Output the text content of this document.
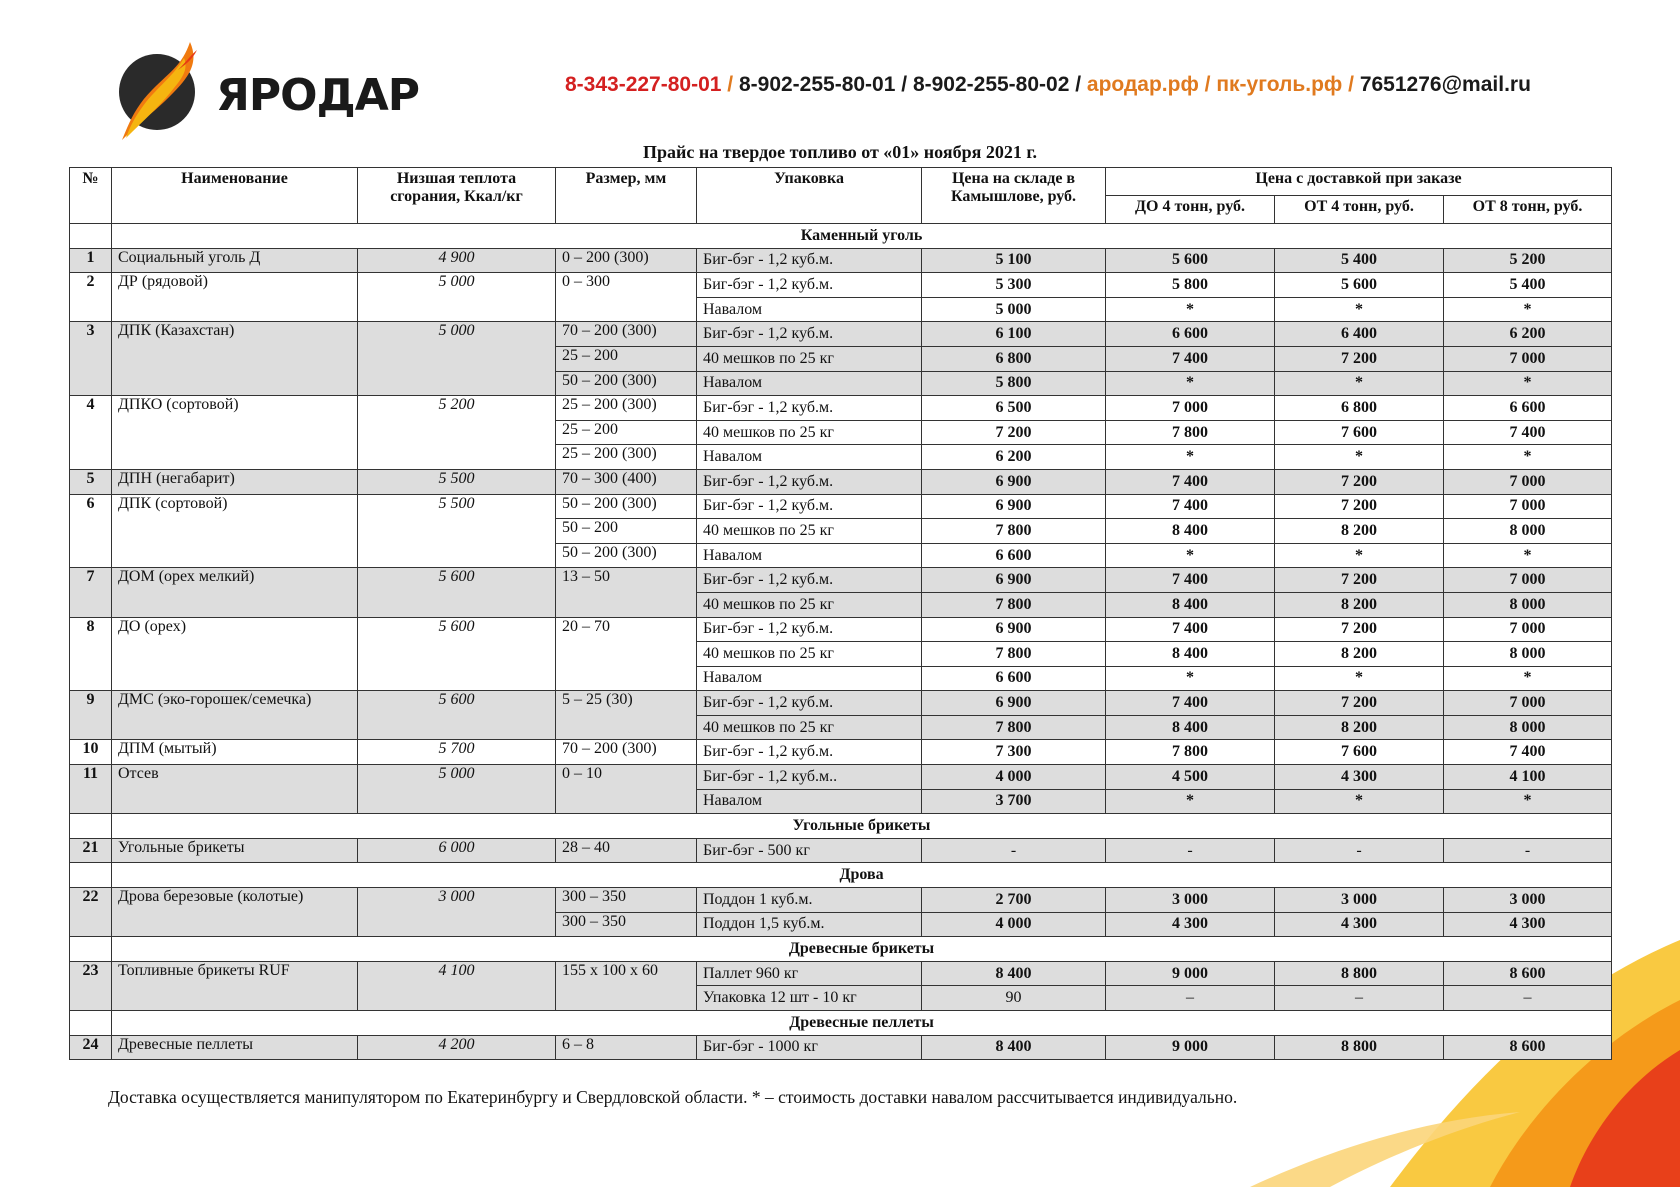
ЯРОДАР	8-343-227-80-01 / 8-902-255-80-01 / 8-902-255-80-02 / ародар.рф / пк-уголь.рф / 7651276@mail.ru
Прайс на твердое топливо от «01» ноября 2021 г.
№	Наименование	Низшая теплота сгорания, Ккал/кг	Размер, мм	Упаковка	Цена на складе в Камышлове, руб.	Цена с доставкой при заказе		
						ДО 4 тонн, руб.	ОТ 4 тонн, руб.	ОТ 8 тонн, руб.
	Каменный уголь							
1	Социальный уголь Д	4 900	0 – 200 (300)	Биг-бэг - 1,2 куб.м.	5 100	5 600	5 400	5 200
2	ДР (рядовой)	5 000	0 – 300	Биг-бэг - 1,2 куб.м.	5 300	5 800	5 600	5 400
				Навалом	5 000	*	*	*
3	ДПК (Казахстан)	5 000	70 – 200 (300)	Биг-бэг - 1,2 куб.м.	6 100	6 600	6 400	6 200
			25 – 200	40 мешков по 25 кг	6 800	7 400	7 200	7 000
			50 – 200 (300)	Навалом	5 800	*	*	*
4	ДПКО (сортовой)	5 200	25 – 200 (300)	Биг-бэг - 1,2 куб.м.	6 500	7 000	6 800	6 600
			25 – 200	40 мешков по 25 кг	7 200	7 800	7 600	7 400
			25 – 200 (300)	Навалом	6 200	*	*	*
5	ДПН (негабарит)	5 500	70 – 300 (400)	Биг-бэг - 1,2 куб.м.	6 900	7 400	7 200	7 000
6	ДПК (сортовой)	5 500	50 – 200 (300)	Биг-бэг - 1,2 куб.м.	6 900	7 400	7 200	7 000
			50 – 200	40 мешков по 25 кг	7 800	8 400	8 200	8 000
			50 – 200 (300)	Навалом	6 600	*	*	*
7	ДОМ (орех мелкий)	5 600	13 – 50	Биг-бэг - 1,2 куб.м.	6 900	7 400	7 200	7 000
				40 мешков по 25 кг	7 800	8 400	8 200	8 000
8	ДО (орех)	5 600	20 – 70	Биг-бэг - 1,2 куб.м.	6 900	7 400	7 200	7 000
				40 мешков по 25 кг	7 800	8 400	8 200	8 000
				Навалом	6 600	*	*	*
9	ДМС (эко-горошек/семечка)	5 600	5 – 25 (30)	Биг-бэг - 1,2 куб.м.	6 900	7 400	7 200	7 000
				40 мешков по 25 кг	7 800	8 400	8 200	8 000
10	ДПМ (мытый)	5 700	70 – 200 (300)	Биг-бэг - 1,2 куб.м.	7 300	7 800	7 600	7 400
11	Отсев	5 000	0 – 10	Биг-бэг - 1,2 куб.м..	4 000	4 500	4 300	4 100
				Навалом	3 700	*	*	*
	Угольные брикеты							
21	Угольные брикеты	6 000	28 – 40	Биг-бэг - 500 кг	-	-	-	-
	Дрова							
22	Дрова березовые (колотые)	3 000	300 – 350	Поддон 1 куб.м.	2 700	3 000	3 000	3 000
			300 – 350	Поддон 1,5 куб.м.	4 000	4 300	4 300	4 300
	Древесные брикеты							
23	Топливные брикеты RUF	4 100	155 х 100 х 60	Паллет 960 кг	8 400	9 000	8 800	8 600
				Упаковка 12 шт - 10 кг	90	–	–	–
	Древесные пеллеты							
24	Древесные пеллеты	4 200	6 – 8	Биг-бэг - 1000 кг	8 400	9 000	8 800	8 600
Доставка осуществляется манипулятором по Екатеринбургу и Свердловской области. * – стоимость доставки навалом рассчитывается индивидуально.
